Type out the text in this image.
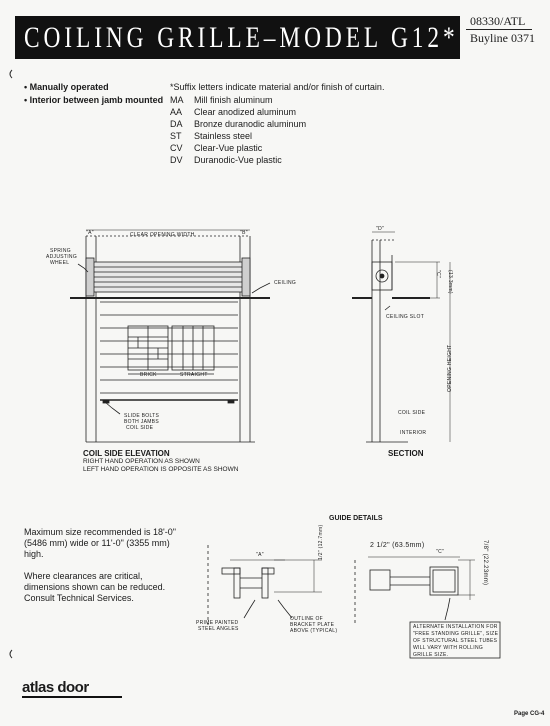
COILING GRILLE–MODEL G12* 08330/ATL
Buyline 0371
• Manually operated
• Interior between jamb mounted
*Suffix letters indicate material and/or finish of curtain.
MA Mill finish aluminum
AA Clear anodized aluminum
DA Bronze duranodic aluminum
ST Stainless steel
CV Clear-Vue plastic
DV Duranodic-Vue plastic
"A"	CLEAR OPENING WIDTH	"B"
SPRING
ADJUSTING
WHEEL
CEILING
BRICK	STRAIGHT
SLIDE BOLTS
BOTH JAMBS
COIL SIDE
COIL SIDE ELEVATION
RIGHT HAND OPERATION AS SHOWN
LEFT HAND OPERATION IS OPPOSITE AS SHOWN
"D"
"C" (13.3mm)
CEILING SLOT
OPENING HEIGHT
COIL SIDE
INTERIOR
SECTION
Maximum size recommended is 18'-0"
(5486 mm) wide or 11'-0" (3355 mm)
high.
Where clearances are critical,
dimensions shown can be reduced.
Consult Technical Services.
GUIDE DETAILS
"A"	1/2" (12.7mm)
PRIME PAINTED
STEEL ANGLES
OUTLINE OF
BRACKET PLATE
ABOVE (TYPICAL)
2 1/2" (63.5mm)
"C"	7/8" (22.23mm)
ALTERNATE INSTALLATION FOR
"FREE STANDING GRILLE", SIZE
OF STRUCTURAL STEEL TUBES
WILL VARY WITH ROLLING
GRILLE SIZE.
atlas door
Page CG-4
